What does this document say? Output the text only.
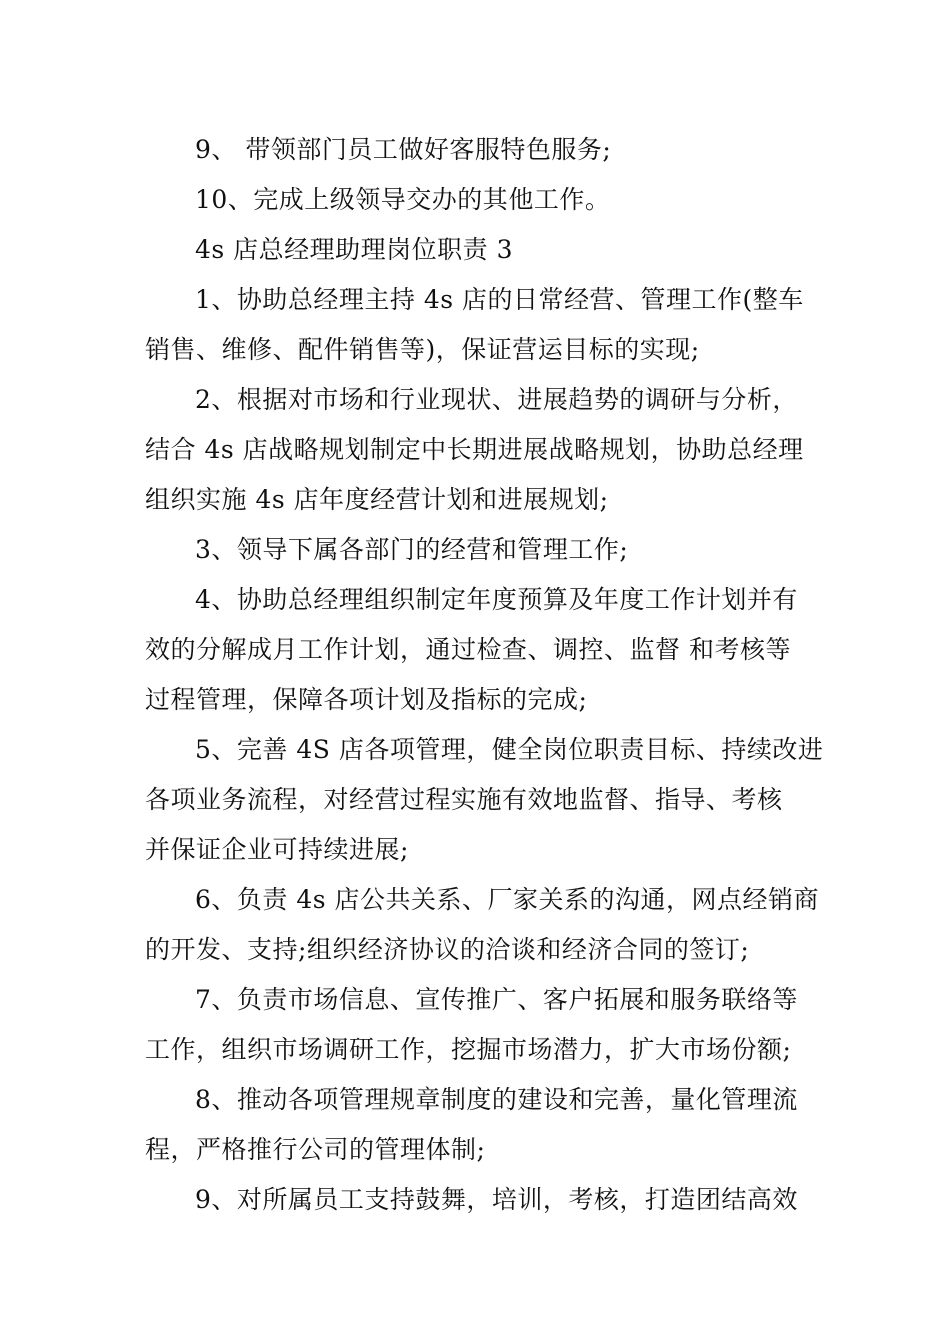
9、 带领部门员工做好客服特色服务;
10、完成上级领导交办的其他工作。
4s 店总经理助理岗位职责 3
1、协助总经理主持 4s 店的日常经营、管理工作(整车
销售、维修、配件销售等)，保证营运目标的实现;
2、根据对市场和行业现状、进展趋势的调研与分析，
结合 4s 店战略规划制定中长期进展战略规划，协助总经理
组织实施 4s 店年度经营计划和进展规划;
3、领导下属各部门的经营和管理工作;
4、协助总经理组织制定年度预算及年度工作计划并有
效的分解成月工作计划，通过检查、调控、监督 和考核等
过程管理，保障各项计划及指标的完成;
5、完善 4S 店各项管理，健全岗位职责目标、持续改进
各项业务流程，对经营过程实施有效地监督、指导、考核
并保证企业可持续进展;
6、负责 4s 店公共关系、厂家关系的沟通，网点经销商
的开发、支持;组织经济协议的洽谈和经济合同的签订;
7、负责市场信息、宣传推广、客户拓展和服务联络等
工作，组织市场调研工作，挖掘市场潜力，扩大市场份额;
8、推动各项管理规章制度的建设和完善，量化管理流
程，严格推行公司的管理体制;
9、对所属员工支持鼓舞，培训，考核，打造团结高效
